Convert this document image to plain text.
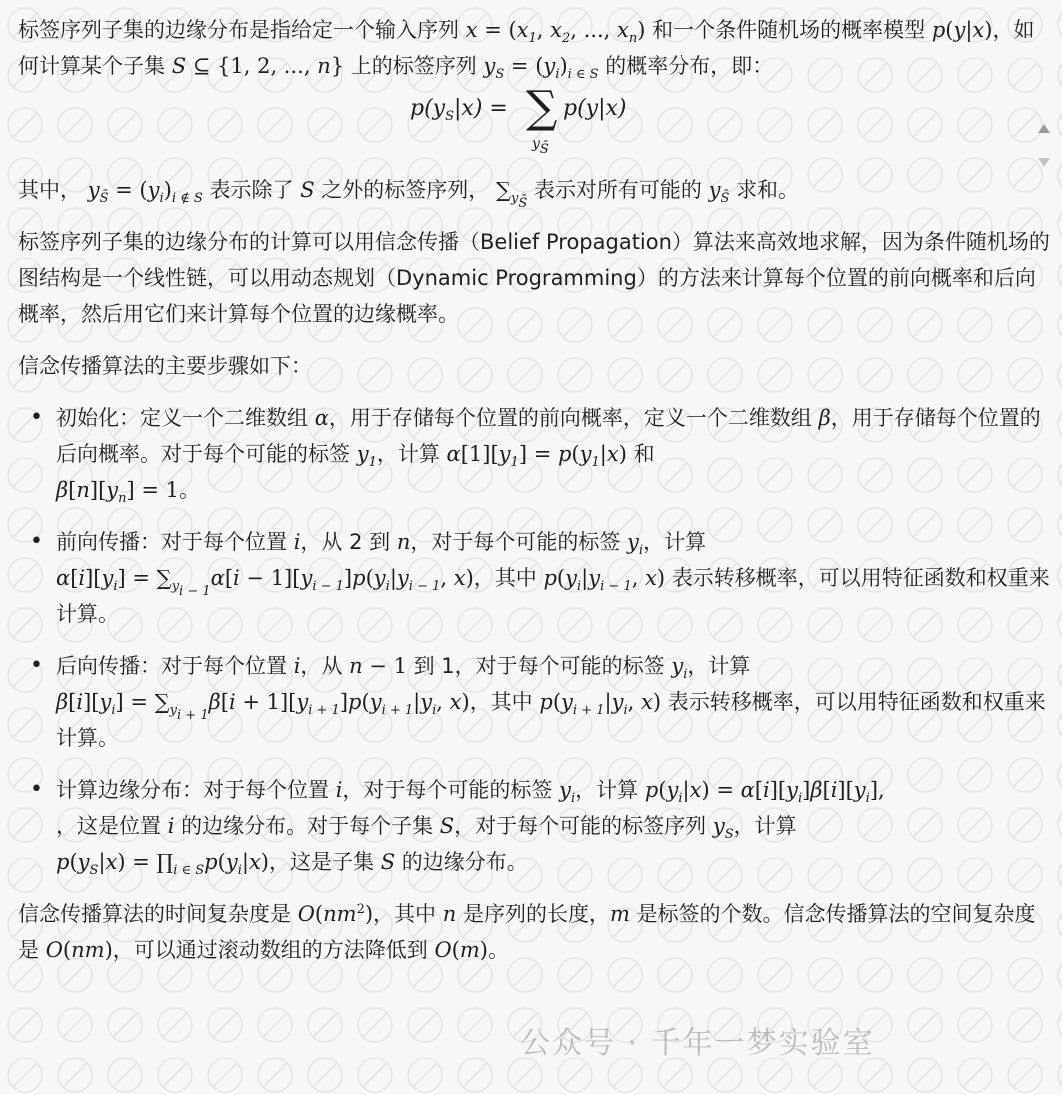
标签序列子集的边缘分布是指给定一个输入序列 $x = (x_1$, $x_2$, ..., $x_n$) 和一个条件随机场的概率模型 p(y|x)，如何计算某个子集 S ⊆ {1, 2, ..., n} 上的标签序列 $y_S = (y_i)_{i \in S}$ 的概率分布，即：

$p(y_S|x)$ = ∑
$y_{S̄}$
p(y|x)

其中， $y_{S̄} = (y_i)_{i \notin S}$ 表示除了 S 之外的标签序列， $\sum_{y_{S̄}}$ 表示对所有可能的 $y_{S̄}$ 求和。

标签序列子集的边缘分布的计算可以用信念传播（Belief Propagation）算法来高效地求解，因为条件随机场的图结构是一个线性链，可以用动态规划（Dynamic Programming）的方法来计算每个位置的前向概率和后向概率，然后用它们来计算每个位置的边缘概率。

信念传播算法的主要步骤如下：

• 初始化：定义一个二维数组 α，用于存储每个位置的前向概率，定义一个二维数组 β，用于存储每个位置的后向概率。对于每个可能的标签 $y_1$，计算 $\alpha[1][y_1] = p(y_1|x)$ 和
$\beta[n][y_n] = 1$。
• 前向传播：对于每个位置 i，从 2 到 n，对于每个可能的标签 $y_i$，计算
$\alpha[i][y_i] = \sum_{y_{i - 1}}\alpha[i - 1][y_{i - 1}]p(y_i|y_{i - 1}$, x)，其中 $p(y_i|y_{i - 1}$, x) 表示转移概率，可以用特征函数和权重来计算。
• 后向传播：对于每个位置 i，从 n − 1 到 1，对于每个可能的标签 $y_i$，计算
$\beta[i][y_i] = \sum_{y_{i + 1}}\beta[i + 1][y_{i + 1}]p(y_{i + 1}|y_i$, x)，其中 $p(y_{i + 1}|y_i$, x) 表示转移概率，可以用特征函数和权重来计算。
• 计算边缘分布：对于每个位置 i，对于每个可能的标签 $y_i$，计算 $p(y_i|x) = \alpha[i][y_i]\beta[i][y_i]$,
，这是位置 i 的边缘分布。对于每个子集 S，对于每个可能的标签序列 $y_S$，计算
$p(y_S|x)$ = $\prod_{i \in S}p(y_i|x)$，这是子集 S 的边缘分布。

信念传播算法的时间复杂度是 $O(nm^2)$，其中 n 是序列的长度，m 是标签的个数。信念传播算法的空间复杂度是 O(nm)，可以通过滚动数组的方法降低到 O(m)。

公众号 · 千年一梦实验室
